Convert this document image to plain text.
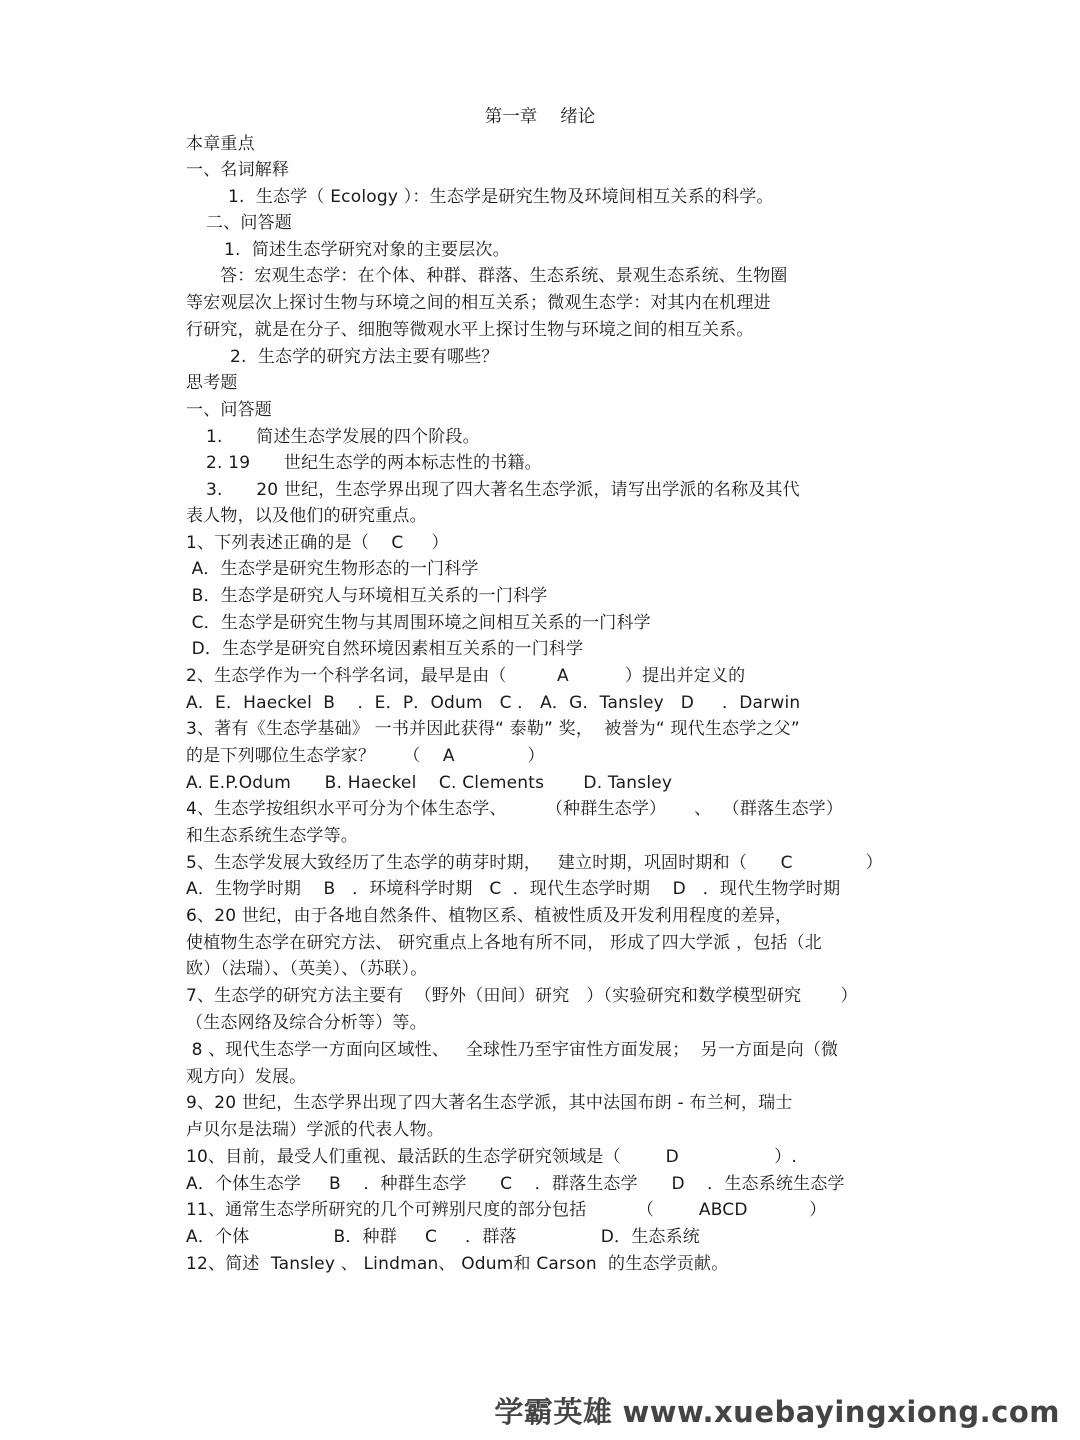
第一章　 绪论
本章重点
一、名词解释
1.  生态学（ Ecology ）：生态学是研究生物及环境间相互关系的科学。
二、问答题
1.  简述生态学研究对象的主要层次。
答：宏观生态学：在个体、种群、群落、生态系统、景观生态系统、生物圈
等宏观层次上探讨生物与环境之间的相互关系；微观生态学：对其内在机理进
行研究，就是在分子、细胞等微观水平上探讨生物与环境之间的相互关系。
2.  生态学的研究方法主要有哪些？
思考题
一、问答题
1.      简述生态学发展的四个阶段。
2. 19      世纪生态学的两本标志性的书籍。
3.      20 世纪，生态学界出现了四大著名生态学派，请写出学派的名称及其代
表人物，以及他们的研究重点。
1、下列表述正确的是（    C     ）
A．生态学是研究生物形态的一门科学
B．生态学是研究人与环境相互关系的一门科学
C．生态学是研究生物与其周围环境之间相互关系的一门科学
D．生态学是研究自然环境因素相互关系的一门科学
2、生态学作为一个科学名词，最早是由（         A          ）提出并定义的
A．E．Haeckel  B    ．E．P．Odum   C ． A．G．Tansley   D     ．Darwin
3、著有《生态学基础》 一书并因此获得“ 泰勒” 奖，  被誉为“ 现代生态学之父”
的是下列哪位生态学家？     （    A             ）
A. E.P.Odum      B. Haeckel    C. Clements       D. Tansley
4、生态学按组织水平可分为个体生态学、       （种群生态学）     、  （群落生态学）
和生态系统生态学等。
5、生态学发展大致经历了生态学的萌芽时期，   建立时期，巩固时期和（      C             ）
A．生物学时期    B   ．环境科学时期   C  ．现代生态学时期    D   ．现代生物学时期
6、20 世纪，由于各地自然条件、植物区系、植被性质及开发利用程度的差异，
使植物生态学在研究方法、 研究重点上各地有所不同， 形成了四大学派 ，包括（北
欧）（法瑞）、（英美）、（苏联）。
7、生态学的研究方法主要有  （野外（田间）研究   ）（实验研究和数学模型研究       ）
（生态网络及综合分析等）等。
8 、现代生态学一方面向区域性、   全球性乃至宇宙性方面发展；  另一方面是向（微
观方向）发展。
9、20 世纪，生态学界出现了四大著名生态学派，其中法国布朗 - 布兰柯，瑞士
卢贝尔是法瑞）学派的代表人物。
10、目前，最受人们重视、最活跃的生态学研究领域是（        D                 ）.
A．个体生态学     B    ．种群生态学      C    ．群落生态学      D    ．生态系统生态学
11、通常生态学所研究的几个可辨别尺度的部分包括         （        ABCD           ）
A．个体               B．种群     C     ．群落               D．生态系统
12、简述  Tansley 、 Lindman、 Odum和 Carson  的生态学贡献。
学霸英雄 www.xuebayingxiong.com
